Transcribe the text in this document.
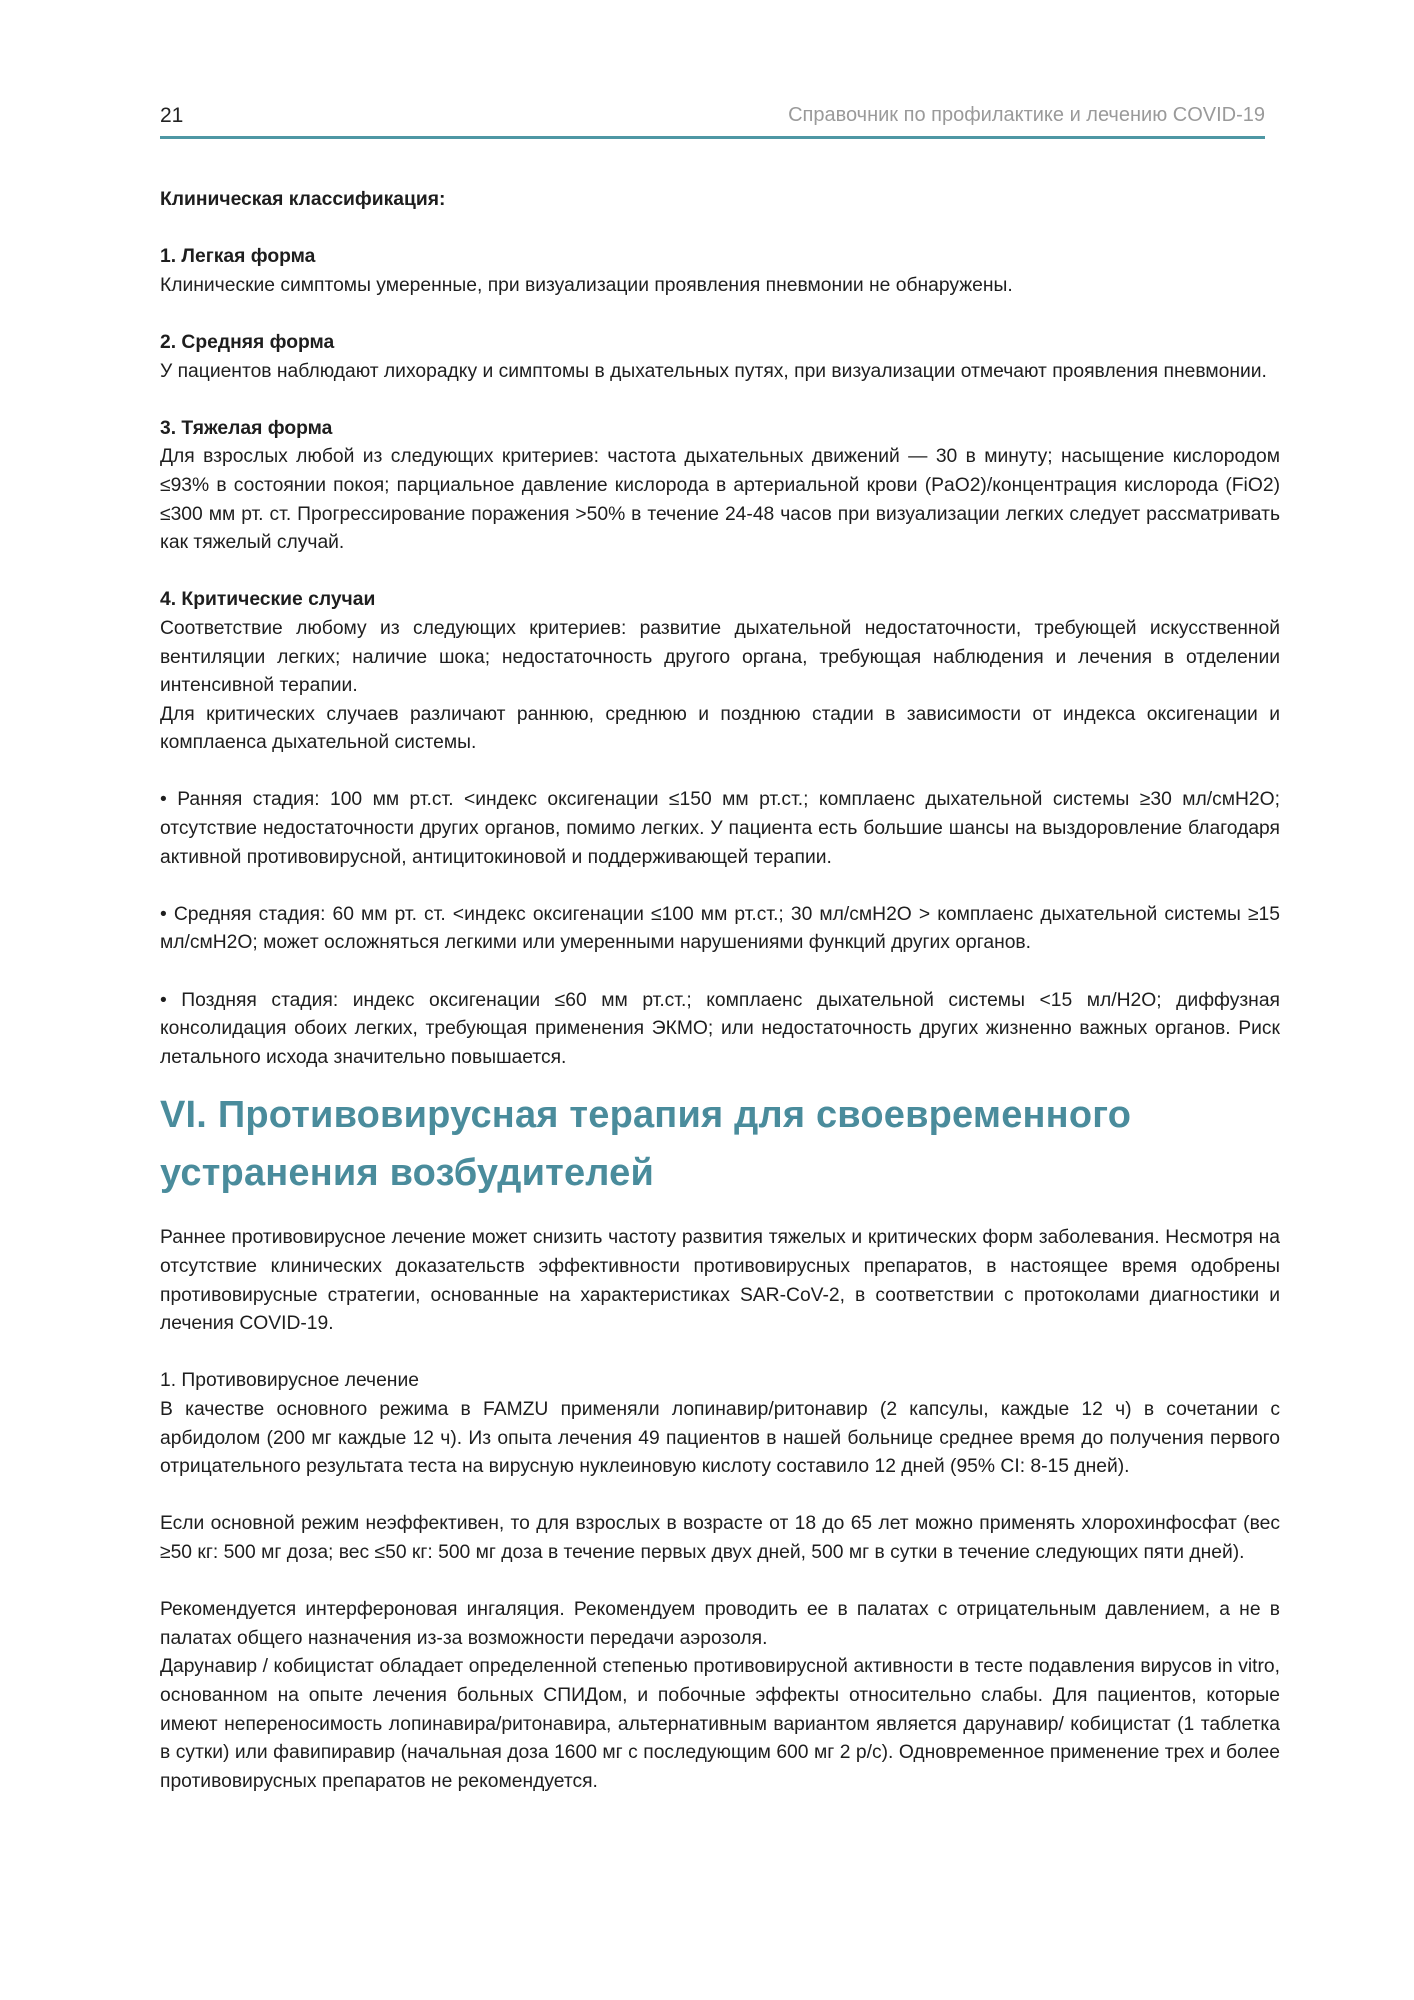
21	Справочник по профилактике и лечению COVID-19

Клиническая классификация:

1. Легкая форма

Клинические симптомы умеренные, при визуализации проявления пневмонии не обнаружены.

2. Средняя форма

У пациентов наблюдают лихорадку и симптомы в дыхательных путях, при визуализации отмечают проявления пневмонии.

3. Тяжелая форма

Для взрослых любой из следующих критериев: частота дыхательных движений — 30 в минуту; насыщение кислородом ≤93% в состоянии покоя; парциальное давление кислорода в артериальной крови (PaO2)/концентрация кислорода (FiO2) ≤300 мм рт. ст. Прогрессирование поражения >50% в течение 24-48 часов при визуализации легких следует рассматривать как тяжелый случай.

4. Критические случаи

Соответствие любому из следующих критериев: развитие дыхательной недостаточности, требующей искусственной вентиляции легких; наличие шока; недостаточность другого органа, требующая наблюдения и лечения в отделении интенсивной терапии.

Для критических случаев различают раннюю, среднюю и позднюю стадии в зависимости от индекса оксигенации и комплаенса дыхательной системы.

• Ранняя стадия: 100 мм рт.ст. <индекс оксигенации ≤150 мм рт.ст.; комплаенс дыхательной системы ≥30 мл/смH2O; отсутствие недостаточности других органов, помимо легких. У пациента есть большие шансы на выздоровление благодаря активной противовирусной, антицитокиновой и поддерживающей терапии.

• Средняя стадия: 60 мм рт. ст. <индекс оксигенации ≤100 мм рт.ст.; 30 мл/смH2O > комплаенс дыхательной системы ≥15 мл/смH2O; может осложняться легкими или умеренными нарушениями функций других органов.

• Поздняя стадия: индекс оксигенации ≤60 мм рт.ст.; комплаенс дыхательной системы <15 мл/H2O; диффузная консолидация обоих легких, требующая применения ЭКМО; или недостаточность других жизненно важных органов. Риск летального исхода значительно повышается.

VI. Противовирусная терапия для своевременного устранения возбудителей

Раннее противовирусное лечение может снизить частоту развития тяжелых и критических форм заболевания. Несмотря на отсутствие клинических доказательств эффективности противовирусных препаратов, в настоящее время одобрены противовирусные стратегии, основанные на характеристиках SAR-CoV-2, в соответствии с протоколами диагностики и лечения COVID-19.

1. Противовирусное лечение

В качестве основного режима в FAMZU применяли лопинавир/ритонавир (2 капсулы, каждые 12 ч) в сочетании с арбидолом (200 мг каждые 12 ч). Из опыта лечения 49 пациентов в нашей больнице среднее время до получения первого отрицательного результата теста на вирусную нуклеиновую кислоту составило 12 дней (95% CI: 8-15 дней).

Если основной режим неэффективен, то для взрослых в возрасте от 18 до 65 лет можно применять хлорохинфосфат (вес ≥50 кг: 500 мг доза; вес ≤50 кг: 500 мг доза в течение первых двух дней, 500 мг в сутки в течение следующих пяти дней).

Рекомендуется интерфероновая ингаляция. Рекомендуем проводить ее в палатах с отрицательным давлением, а не в палатах общего назначения из-за возможности передачи аэрозоля.

Дарунавир / кобицистат обладает определенной степенью противовирусной активности в тесте подавления вирусов in vitro, основанном на опыте лечения больных СПИДом, и побочные эффекты относительно слабы. Для пациентов, которые имеют непереносимость лопинавира/ритонавира, альтернативным вариантом является дарунавир/ кобицистат (1 таблетка в сутки) или фавипиравир (начальная доза 1600 мг с последующим 600 мг 2 р/с). Одновременное применение трех и более противовирусных препаратов не рекомендуется.
